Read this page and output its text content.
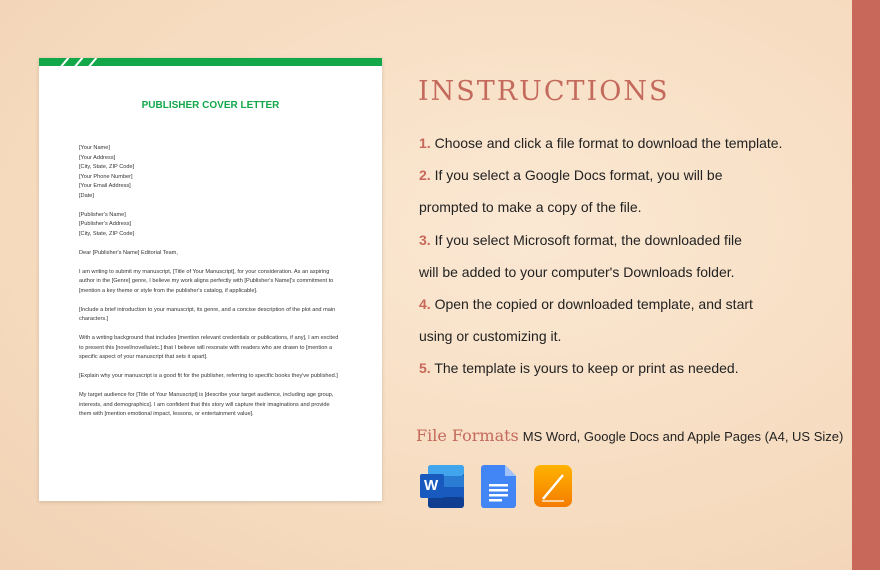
PUBLISHER COVER LETTER

[Your Name]
[Your Address]
[City, State, ZIP Code]
[Your Phone Number]
[Your Email Address]
[Date]

[Publisher's Name]
[Publisher's Address]
[City, State, ZIP Code]

Dear [Publisher's Name] Editorial Team,

I am writing to submit my manuscript, [Title of Your Manuscript], for your consideration. As an aspiring author in the [Genre] genre, I believe my work aligns perfectly with [Publisher's Name]'s commitment to [mention a key theme or style from the publisher's catalog, if applicable].

[Include a brief introduction to your manuscript, its genre, and a concise description of the plot and main characters.]

With a writing background that includes [mention relevant credentials or publications, if any], I am excited to present this [novel/novella/etc.] that I believe will resonate with readers who are drawn to [mention a specific aspect of your manuscript that sets it apart].

[Explain why your manuscript is a good fit for the publisher, referring to specific books they've published.]

My target audience for [Title of Your Manuscript] is [describe your target audience, including age group, interests, and demographics]. I am confident that this story will capture their imaginations and provide them with [mention emotional impact, lessons, or entertainment value].

INSTRUCTIONS
1. Choose and click a file format to download the template.
2. If you select a Google Docs format, you will be
prompted to make a copy of the file.
3. If you select Microsoft format, the downloaded file
will be added to your computer's Downloads folder.
4. Open the copied or downloaded template, and start
using or customizing it.
5. The template is yours to keep or print as needed.
File Formats MS Word, Google Docs and Apple Pages (A4, US Size)
W
